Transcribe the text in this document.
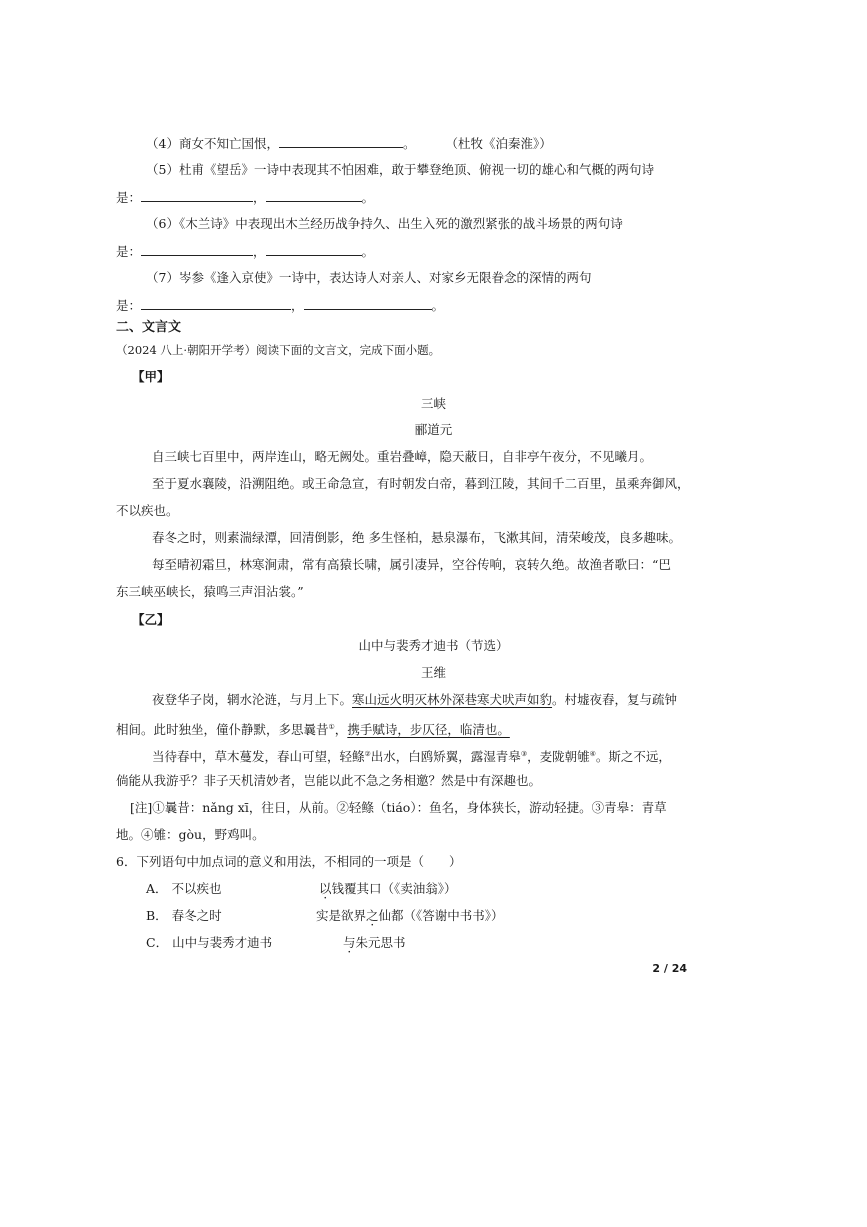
（4）商女不知亡国恨，	。 （杜牧《泊秦淮》）
（5）杜甫《望岳》一诗中表现其不怕困难，敢于攀登绝顶、俯视一切的雄心和气概的两句诗
是：	，	。
（6）《木兰诗》中表现出木兰经历战争持久、出生入死的激烈紧张的战斗场景的两句诗
是：	，	。
（7）岑参《逢入京使》一诗中，表达诗人对亲人、对家乡无限眷念的深情的两句
是：	，	。
二、文言文
（2024 八上·朝阳开学考）阅读下面的文言文，完成下面小题。
【甲】
三峡
郦道元
自三峡七百里中，两岸连山，略无阙处。重岩叠嶂，隐天蔽日，自非亭午夜分，不见曦月。
至于夏水襄陵，沿溯阻绝。或王命急宣，有时朝发白帝，暮到江陵，其间千二百里，虽乘奔御风，
不以疾也。
春冬之时，则素湍绿潭，回清倒影，绝 多生怪柏，悬泉瀑布，飞漱其间，清荣峻茂，良多趣味。
每至晴初霜旦，林寒涧肃，常有高猿长啸，属引凄异，空谷传响，哀转久绝。故渔者歌曰：“巴
东三峡巫峡长，猿鸣三声泪沾裳。”
【乙】
山中与裴秀才迪书（节选）
王维
夜登华子岗，辋水沦涟，与月上下。寒山远火明灭林外深巷寒犬吠声如豹。村墟夜舂，复与疏钟
相间。此时独坐，僮仆静默，多思曩昔①，携手赋诗，步仄径，临清也。
当待春中，草木蔓发，春山可望，轻鲦②出水，白鸥矫翼，露湿青皋③，麦陇朝雊④。斯之不远，
倘能从我游乎？非子天机清妙者，岂能以此不急之务相邀？然是中有深趣也。
[注]①曩昔：nǎng xī，往日，从前。②轻鲦（tiáo）：鱼名，身体狭长，游动轻捷。③青皋：青草
地。④雊：gòu，野鸡叫。
6．下列语句中加点词的意义和用法，不相同的一项是（　　）
A． 不以疾也	以钱覆其口（《卖油翁》）
B． 春冬之时	实是欲界之仙都（《答谢中书书》）
C． 山中与裴秀才迪书	与朱元思书
2 / 24
